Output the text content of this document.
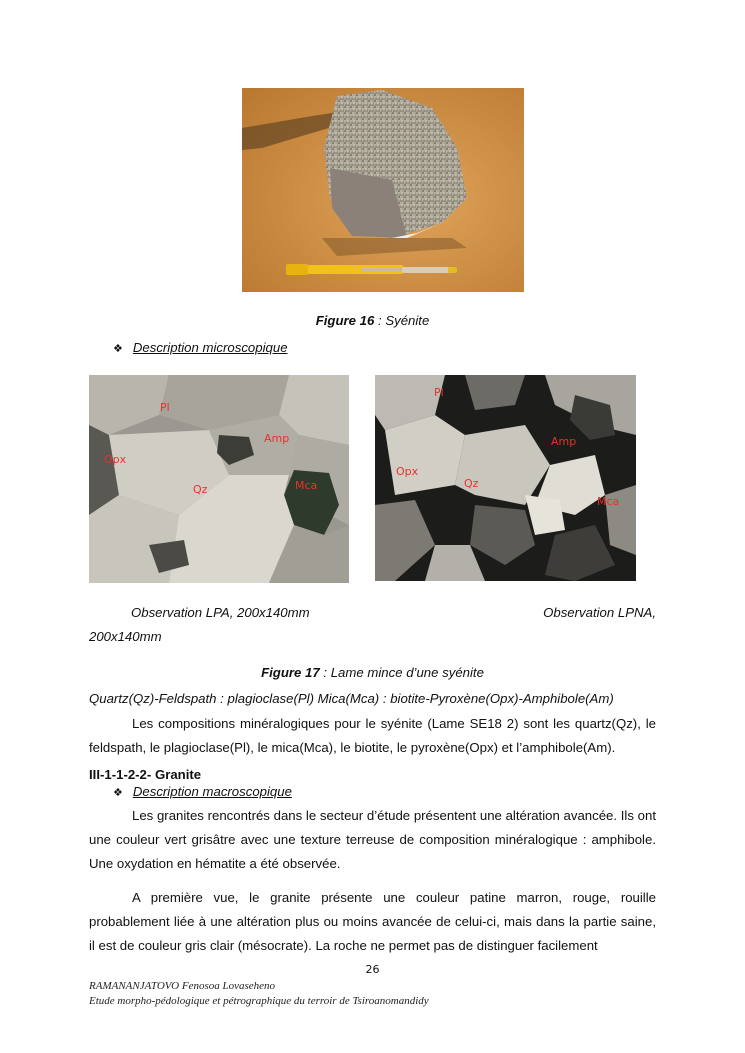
Figure 16 : Syénite

❖ Description microscopique

Pl
Amp
Opx
Qz	Mca
Pl
Amp
Opx
Qz
Mca

Observation LPA, 200x140mm	Observation LPNA,

200x140mm

Figure 17 : Lame mince d’une syénite

Quartz(Qz)-Feldspath : plagioclase(Pl) Mica(Mca) : biotite-Pyroxène(Opx)-Amphibole(Am)

Les compositions minéralogiques pour le syénite (Lame SE18 2) sont les quartz(Qz), le feldspath, le plagioclase(Pl), le mica(Mca), le biotite, le pyroxène(Opx) et l’amphibole(Am).

III-1-1-2-2- Granite

❖ Description macroscopique

Les granites rencontrés dans le secteur d’étude présentent une altération avancée. Ils ont une couleur vert grisâtre avec une texture terreuse de composition minéralogique : amphibole. Une oxydation en hématite a été observée.

A première vue, le granite présente une couleur patine marron, rouge, rouille probablement liée à une altération plus ou moins avancée de celui-ci, mais dans la partie saine, il est de couleur gris clair (mésocrate). La roche ne permet pas de distinguer facilement

26

RAMANANJATOVO Fenosoa Lovaseheno

Etude morpho-pédologique et pétrographique du terroir de Tsiroanomandidy
